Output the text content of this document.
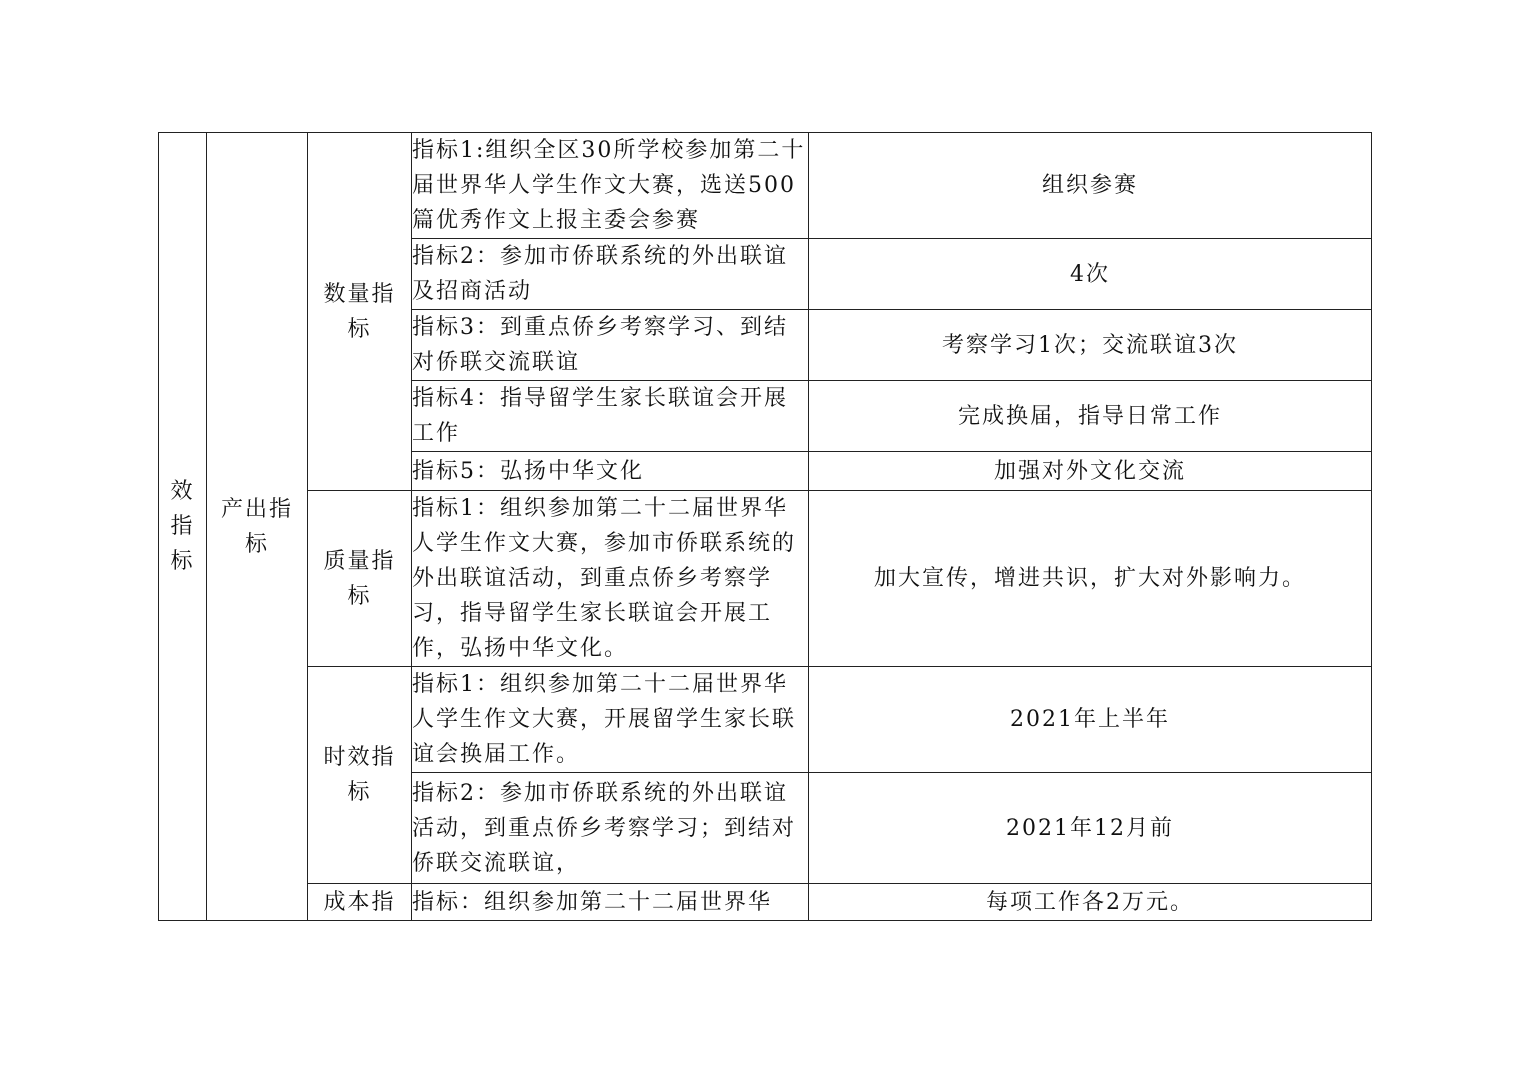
效指标	产出指标	数量指标	指标1:组织全区30所学校参加第二十届世界华人学生作文大赛，选送500篇优秀作文上报主委会参赛	组织参赛
			指标2：参加市侨联系统的外出联谊及招商活动	4次
			指标3：到重点侨乡考察学习、到结对侨联交流联谊	考察学习1次；交流联谊3次
			指标4：指导留学生家长联谊会开展工作	完成换届，指导日常工作
			指标5：弘扬中华文化	加强对外文化交流

		质量指标	指标1：组织参加第二十二届世界华人学生作文大赛，参加市侨联系统的外出联谊活动，到重点侨乡考察学习，指导留学生家长联谊会开展工作，弘扬中华文化。	加大宣传，增进共识，扩大对外影响力。

		时效指标	指标1：组织参加第二十二届世界华人学生作文大赛，开展留学生家长联谊会换届工作。	2021年上半年
			指标2：参加市侨联系统的外出联谊活动，到重点侨乡考察学习；到结对侨联交流联谊，	2021年12月前

		成本指	指标：组织参加第二十二届世界华	每项工作各2万元。
